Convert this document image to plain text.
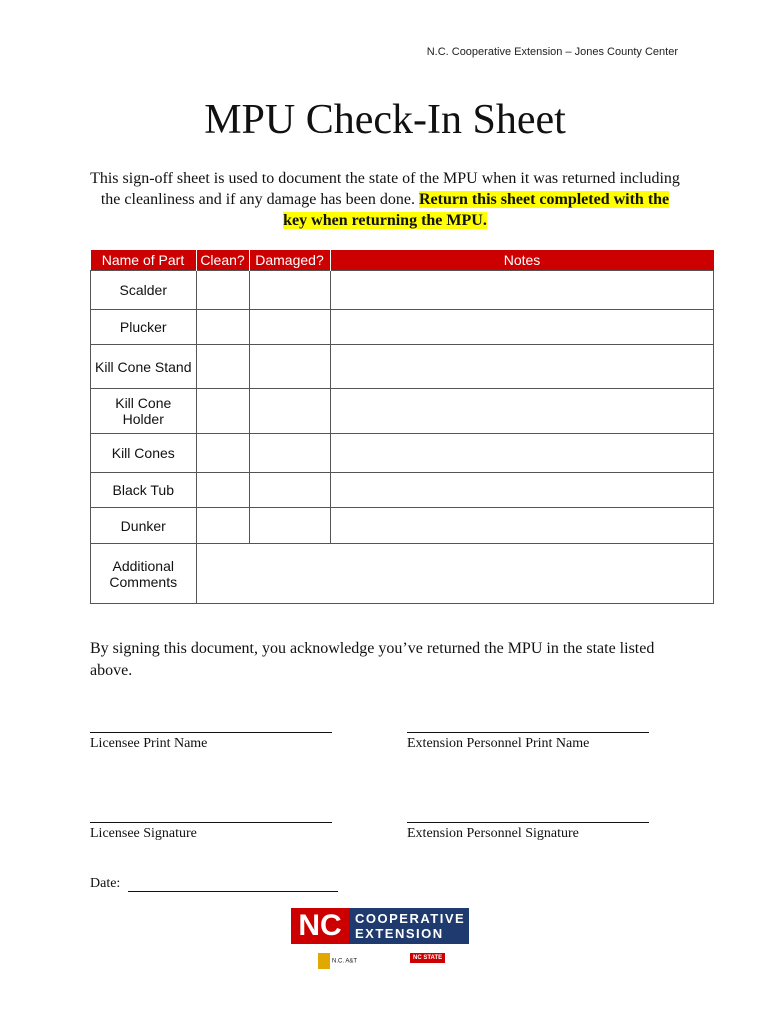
N.C. Cooperative Extension – Jones County Center
MPU Check-In Sheet
This sign-off sheet is used to document the state of the MPU when it was returned including the cleanliness and if any damage has been done. Return this sheet completed with the key when returning the MPU.
Name of Part	Clean?	Damaged?	Notes
Scalder			
Plucker			
Kill Cone Stand			
Kill Cone Holder			
Kill Cones			
Black Tub			
Dunker			
Additional Comments			
By signing this document, you acknowledge you’ve returned the MPU in the state listed above.
Licensee Print Name	Extension Personnel Print Name
Licensee Signature	Extension Personnel Signature
Date:
NC	COOPERATIVE
EXTENSION
N.C. A&T
NC STATE
